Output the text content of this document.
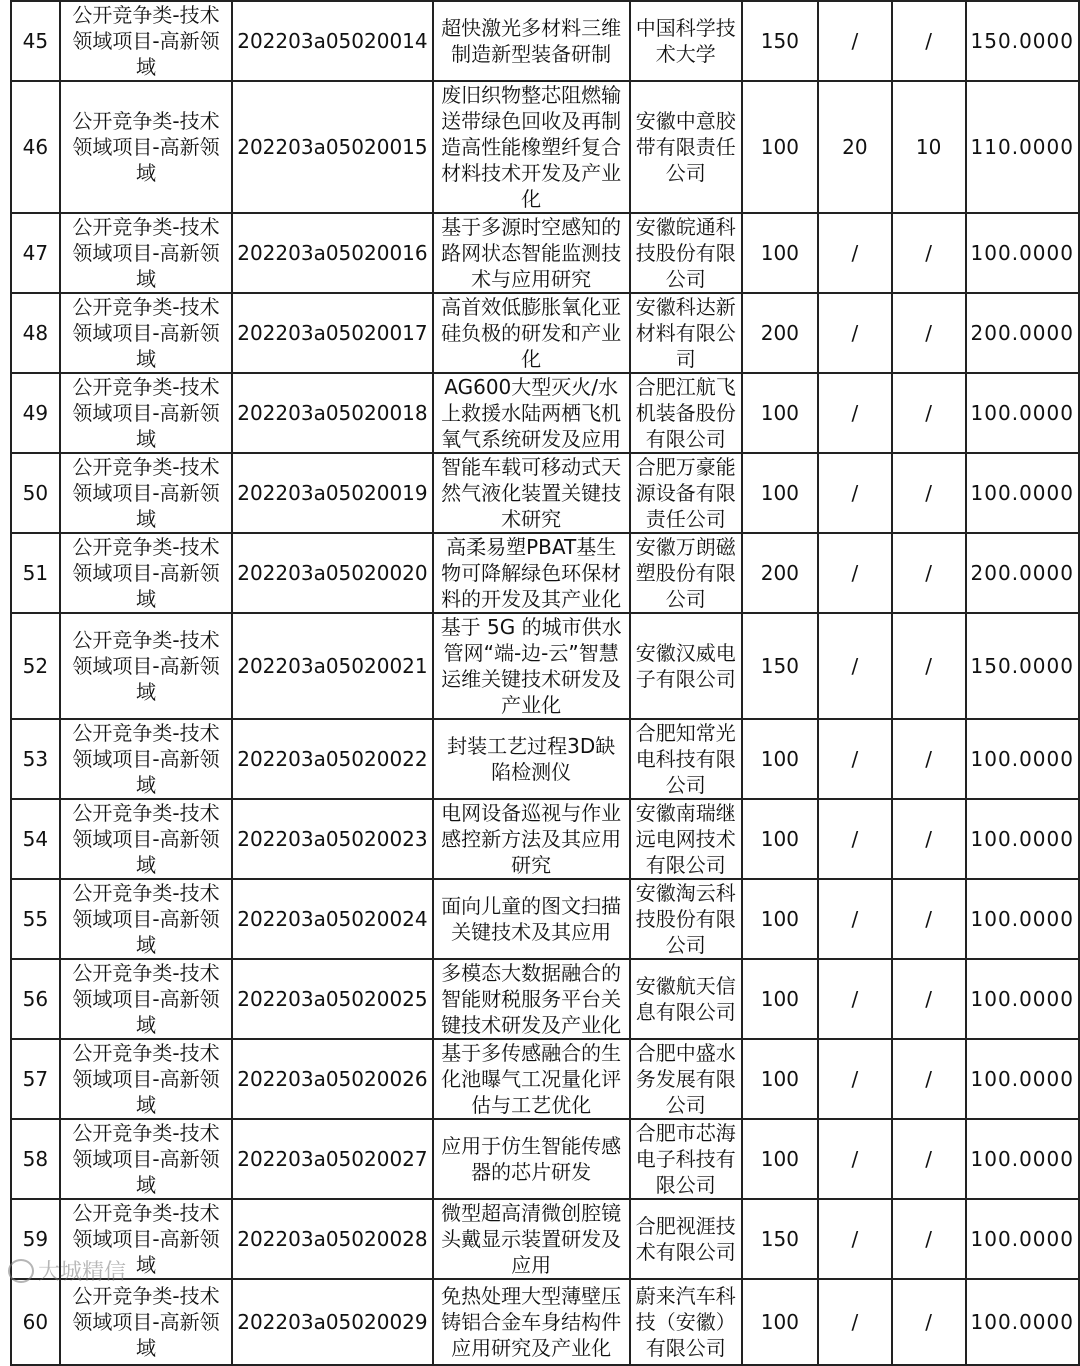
45	公开竞争类-技术领域项目-高新领域	202203a05020014	超快激光多材料三维制造新型装备研制	中国科学技术大学	150	/	/	150.0000
46	公开竞争类-技术领域项目-高新领域	202203a05020015	废旧织物整芯阻燃输送带绿色回收及再制造高性能橡塑纤复合材料技术开发及产业化	安徽中意胶带有限责任公司	100	20	10	110.0000
47	公开竞争类-技术领域项目-高新领域	202203a05020016	基于多源时空感知的路网状态智能监测技术与应用研究	安徽皖通科技股份有限公司	100	/	/	100.0000
48	公开竞争类-技术领域项目-高新领域	202203a05020017	高首效低膨胀氧化亚硅负极的研发和产业化	安徽科达新材料有限公司	200	/	/	200.0000
49	公开竞争类-技术领域项目-高新领域	202203a05020018	AG600大型灭火/水上救援水陆两栖飞机氧气系统研发及应用	合肥江航飞机装备股份有限公司	100	/	/	100.0000
50	公开竞争类-技术领域项目-高新领域	202203a05020019	智能车载可移动式天然气液化装置关键技术研究	合肥万豪能源设备有限责任公司	100	/	/	100.0000
51	公开竞争类-技术领域项目-高新领域	202203a05020020	高柔易塑PBAT基生物可降解绿色环保材料的开发及其产业化	安徽万朗磁塑股份有限公司	200	/	/	200.0000
52	公开竞争类-技术领域项目-高新领域	202203a05020021	基于 5G 的城市供水管网“端-边-云”智慧运维关键技术研发及产业化	安徽汉威电子有限公司	150	/	/	150.0000
53	公开竞争类-技术领域项目-高新领域	202203a05020022	封装工艺过程3D缺陷检测仪	合肥知常光电科技有限公司	100	/	/	100.0000
54	公开竞争类-技术领域项目-高新领域	202203a05020023	电网设备巡视与作业感控新方法及其应用研究	安徽南瑞继远电网技术有限公司	100	/	/	100.0000
55	公开竞争类-技术领域项目-高新领域	202203a05020024	面向儿童的图文扫描关键技术及其应用	安徽淘云科技股份有限公司	100	/	/	100.0000
56	公开竞争类-技术领域项目-高新领域	202203a05020025	多模态大数据融合的智能财税服务平台关键技术研发及产业化	安徽航天信息有限公司	100	/	/	100.0000
57	公开竞争类-技术领域项目-高新领域	202203a05020026	基于多传感融合的生化池曝气工况量化评估与工艺优化	合肥中盛水务发展有限公司	100	/	/	100.0000
58	公开竞争类-技术领域项目-高新领域	202203a05020027	应用于仿生智能传感器的芯片研发	合肥市芯海电子科技有限公司	100	/	/	100.0000
59	公开竞争类-技术领域项目-高新领域	202203a05020028	微型超高清微创腔镜头戴显示装置研发及应用	合肥视涯技术有限公司	150	/	/	100.0000
60	公开竞争类-技术领域项目-高新领域	202203a05020029	免热处理大型薄壁压铸铝合金车身结构件应用研究及产业化	蔚来汽车科技（安徽）有限公司	100	/	/	100.0000
大城精信
